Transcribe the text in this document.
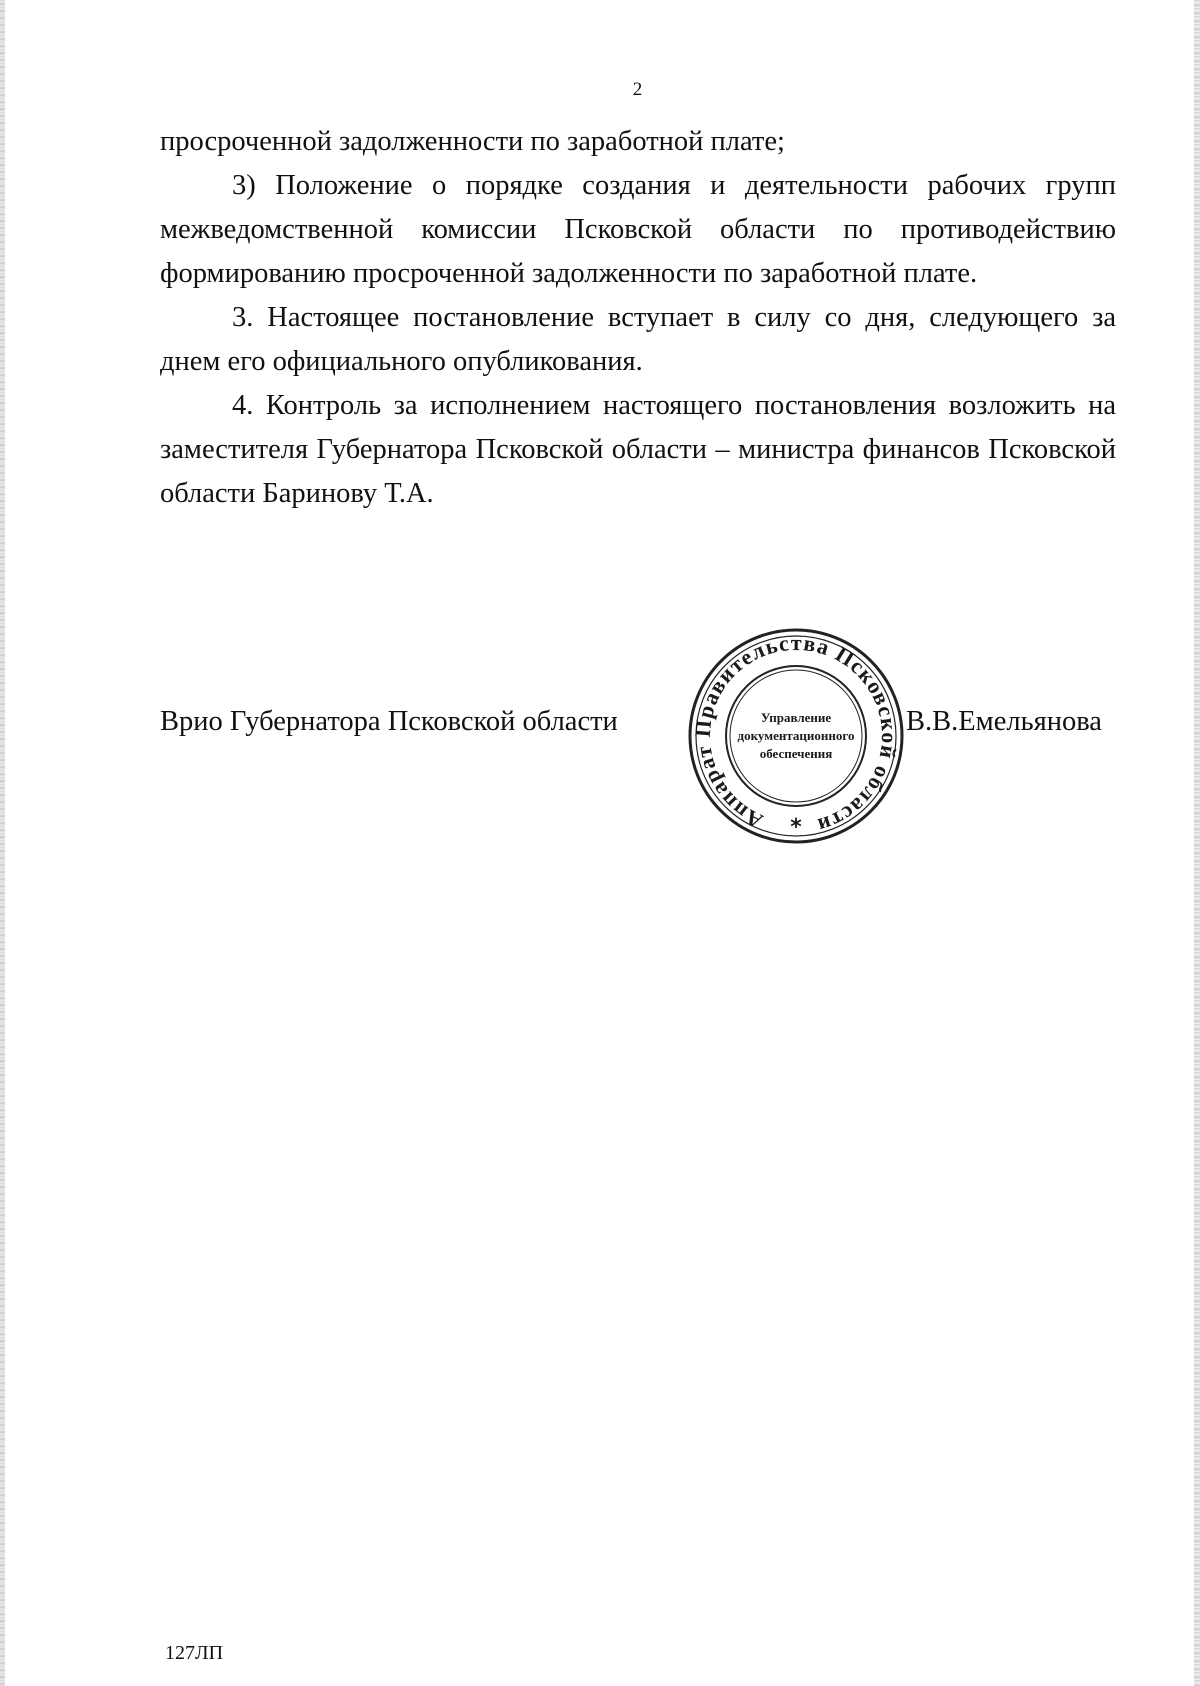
2

просроченной задолженности по заработной плате;

3) Положение о порядке создания и деятельности рабочих групп межведомственной комиссии Псковской области по противодействию формированию просроченной задолженности по заработной плате.

3. Настоящее постановление вступает в силу со дня, следующего за днем его официального опубликования.

4. Контроль за исполнением настоящего постановления возложить на заместителя Губернатора Псковской области – министра финансов Псковской области Баринову Т.А.

Врио Губернатора Псковской области
Аппарат Правительства Псковской области
Управление
документационного
обеспечения
*
В.В.Емельянова
127ЛП
